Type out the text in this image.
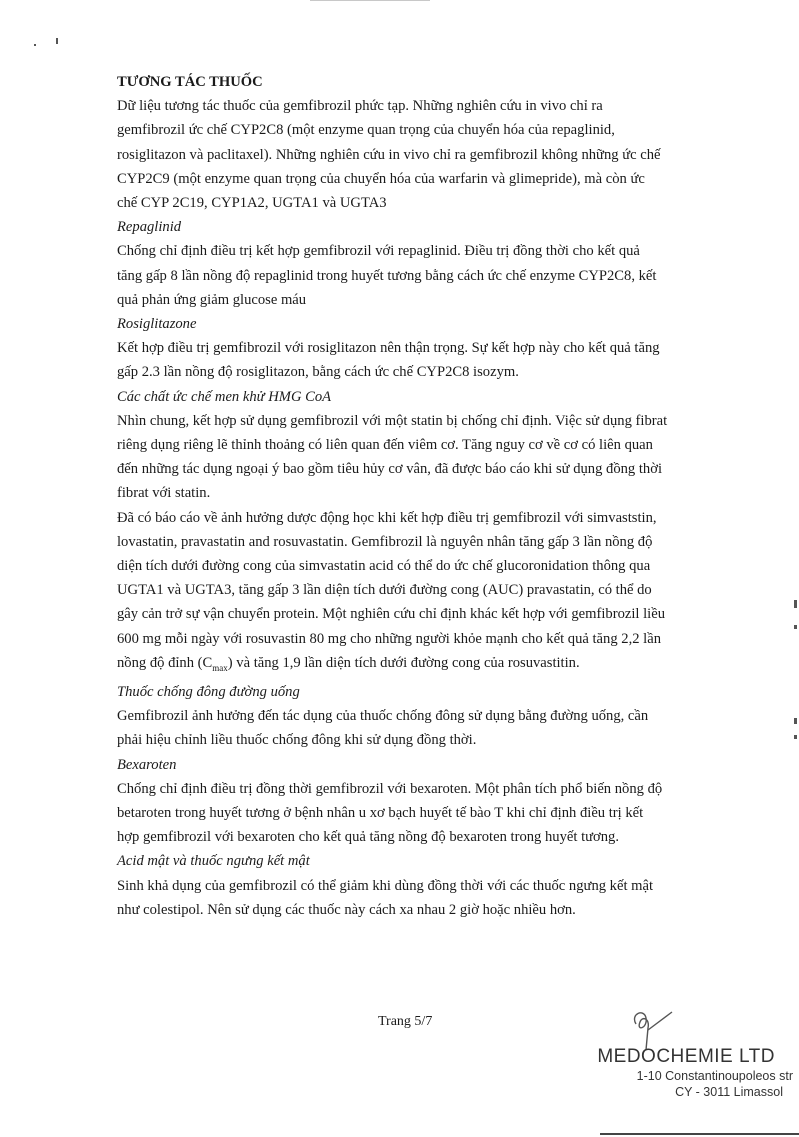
TƯƠNG TÁC THUỐC

Dữ liệu tương tác thuốc của gemfibrozil phức tạp. Những nghiên cứu in vivo chỉ ra
gemfibrozil ức chế CYP2C8 (một enzyme quan trọng của chuyển hóa của repaglinid,
rosiglitazon và paclitaxel). Những nghiên cứu in vivo chỉ ra gemfibrozil không những ức chế
CYP2C9 (một enzyme quan trọng của chuyển hóa của warfarin và glimepride), mà còn ức
chế CYP 2C19, CYP1A2, UGTA1 và UGTA3

Repaglinid

Chống chỉ định điều trị kết hợp gemfibrozil với repaglinid. Điều trị đồng thời cho kết quả
tăng gấp 8 lần nồng độ repaglinid trong huyết tương bằng cách ức chế enzyme CYP2C8, kết
quả phản ứng giảm glucose máu

Rosiglitazone

Kết hợp điều trị gemfibrozil với rosiglitazon nên thận trọng. Sự kết hợp này cho kết quả tăng
gấp 2.3 lần nồng độ rosiglitazon, bằng cách ức chế CYP2C8 isozym.

Các chất ức chế men khử HMG CoA

Nhìn chung, kết hợp sử dụng gemfibrozil với một statin bị chống chỉ định. Việc sử dụng fibrat
riêng dụng riêng lẽ thỉnh thoảng có liên quan đến viêm cơ. Tăng nguy cơ về cơ có liên quan
đến những tác dụng ngoại ý bao gồm tiêu hủy cơ vân, đã được báo cáo khi sử dụng đồng thời
fibrat với statin.

Đã có báo cáo về ảnh hưởng dược động học khi kết hợp điều trị gemfibrozil với simvaststin,
lovastatin, pravastatin and rosuvastatin. Gemfibrozil là nguyên nhân tăng gấp 3 lần nồng độ
diện tích dưới đường cong của simvastatin acid có thể do ức chế glucoronidation thông qua
UGTA1 và UGTA3, tăng gấp 3 lần diện tích dưới đường cong (AUC) pravastatin, có thể do
gây cản trở sự vận chuyển protein. Một nghiên cứu chỉ định khác kết hợp với gemfibrozil liều
600 mg mỗi ngày với rosuvastin 80 mg cho những người khỏe mạnh cho kết quả tăng 2,2 lần
nồng độ đỉnh $(C_{max})$ và tăng 1,9 lần diện tích dưới đường cong của rosuvastitin.

Thuốc chống đông đường uống

Gemfibrozil ảnh hưởng đến tác dụng của thuốc chống đông sử dụng bằng đường uống, cần
phải hiệu chỉnh liều thuốc chống đông khi sử dụng đồng thời.

Bexaroten

Chống chỉ định điều trị đồng thời gemfibrozil với bexaroten. Một phân tích phổ biến nồng độ
betaroten trong huyết tương ở bệnh nhân u xơ bạch huyết tế bào T khi chỉ định điều trị kết
hợp gemfibrozil với bexaroten cho kết quả tăng nồng độ bexaroten trong huyết tương.

Acid mật và thuốc ngưng kết mật

Sinh khả dụng của gemfibrozil có thể giảm khi dùng đồng thời với các thuốc ngưng kết mật
như colestipol. Nên sử dụng các thuốc này cách xa nhau 2 giờ hoặc nhiều hơn.

Trang 5/7
MEDOCHEMIE LTD
1-10 Constantinoupoleos str
CY - 3011 Limassol
